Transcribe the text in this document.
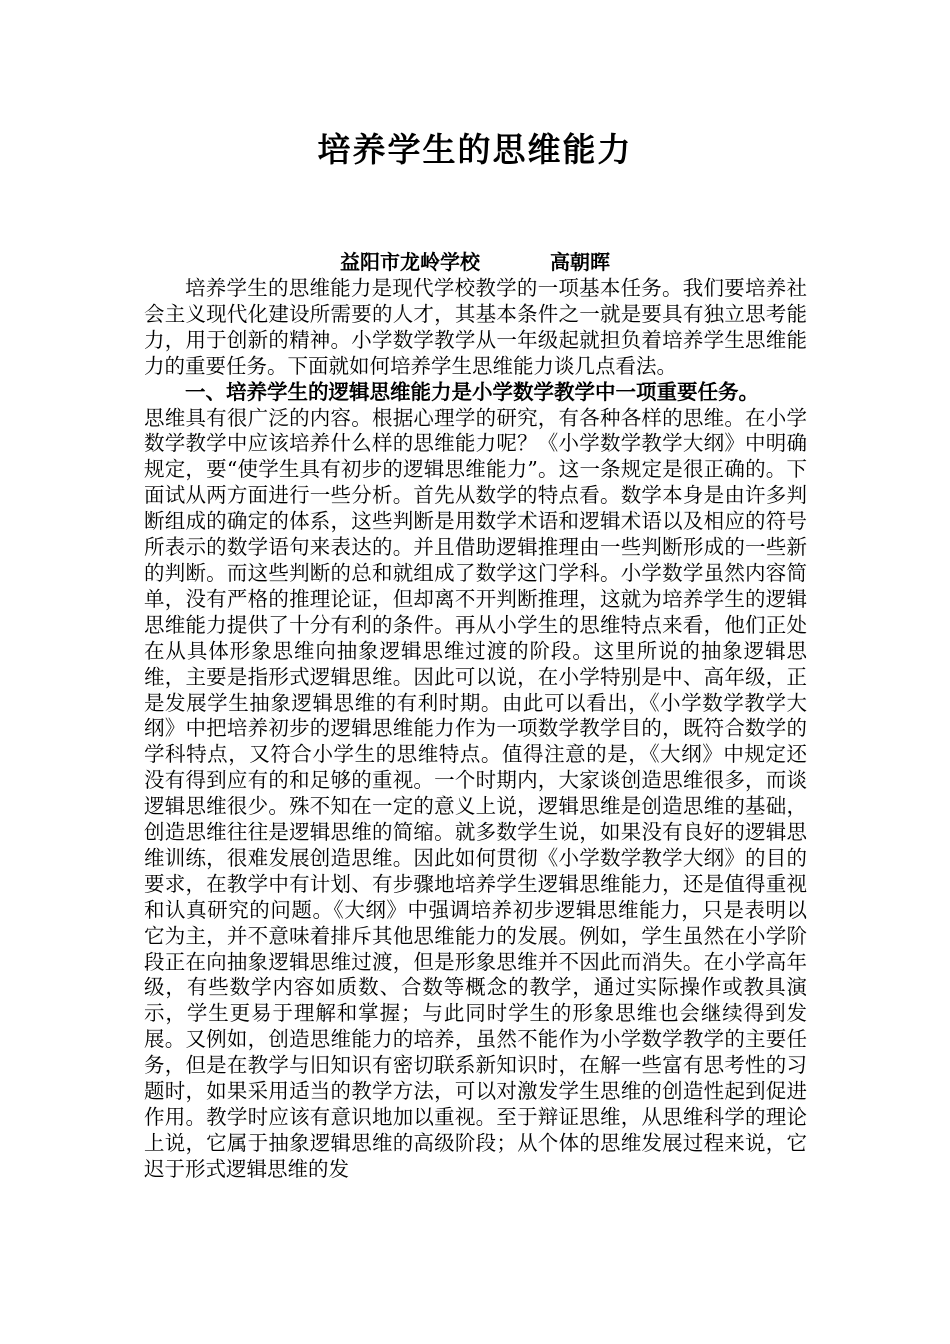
培养学生的思维能力
益阳市龙岭学校	高朝晖

培养学生的思维能力是现代学校教学的一项基本任务。我们要培养社会主义现代化建设所需要的人才，其基本条件之一就是要具有独立思考能力，用于创新的精神。小学数学教学从一年级起就担负着培养学生思维能力的重要任务。下面就如何培养学生思维能力谈几点看法。

一、培养学生的逻辑思维能力是小学数学教学中一项重要任务。

思维具有很广泛的内容。根据心理学的研究，有各种各样的思维。在小学数学教学中应该培养什么样的思维能力呢？《小学数学教学大纲》中明确规定，要“使学生具有初步的逻辑思维能力”。这一条规定是很正确的。下面试从两方面进行一些分析。首先从数学的特点看。数学本身是由许多判断组成的确定的体系，这些判断是用数学术语和逻辑术语以及相应的符号所表示的数学语句来表达的。并且借助逻辑推理由一些判断形成的一些新的判断。而这些判断的总和就组成了数学这门学科。小学数学虽然内容简单，没有严格的推理论证，但却离不开判断推理，这就为培养学生的逻辑思维能力提供了十分有利的条件。再从小学生的思维特点来看，他们正处在从具体形象思维向抽象逻辑思维过渡的阶段。这里所说的抽象逻辑思维，主要是指形式逻辑思维。因此可以说，在小学特别是中、高年级，正是发展学生抽象逻辑思维的有利时期。由此可以看出，《小学数学教学大纲》中把培养初步的逻辑思维能力作为一项数学教学目的，既符合数学的学科特点，又符合小学生的思维特点。值得注意的是，《大纲》中规定还没有得到应有的和足够的重视。一个时期内，大家谈创造思维很多，而谈逻辑思维很少。殊不知在一定的意义上说，逻辑思维是创造思维的基础，创造思维往往是逻辑思维的简缩。就多数学生说，如果没有良好的逻辑思维训练，很难发展创造思维。因此如何贯彻《小学数学教学大纲》的目的要求，在教学中有计划、有步骤地培养学生逻辑思维能力，还是值得重视和认真研究的问题。《大纲》中强调培养初步逻辑思维能力，只是表明以它为主，并不意味着排斥其他思维能力的发展。例如，学生虽然在小学阶段正在向抽象逻辑思维过渡，但是形象思维并不因此而消失。在小学高年级，有些数学内容如质数、合数等概念的教学，通过实际操作或教具演示，学生更易于理解和掌握；与此同时学生的形象思维也会继续得到发展。又例如，创造思维能力的培养，虽然不能作为小学数学教学的主要任务，但是在教学与旧知识有密切联系新知识时，在解一些富有思考性的习题时，如果采用适当的教学方法，可以对激发学生思维的创造性起到促进作用。教学时应该有意识地加以重视。至于辩证思维，从思维科学的理论上说，它属于抽象逻辑思维的高级阶段；从个体的思维发展过程来说，它迟于形式逻辑思维的发
